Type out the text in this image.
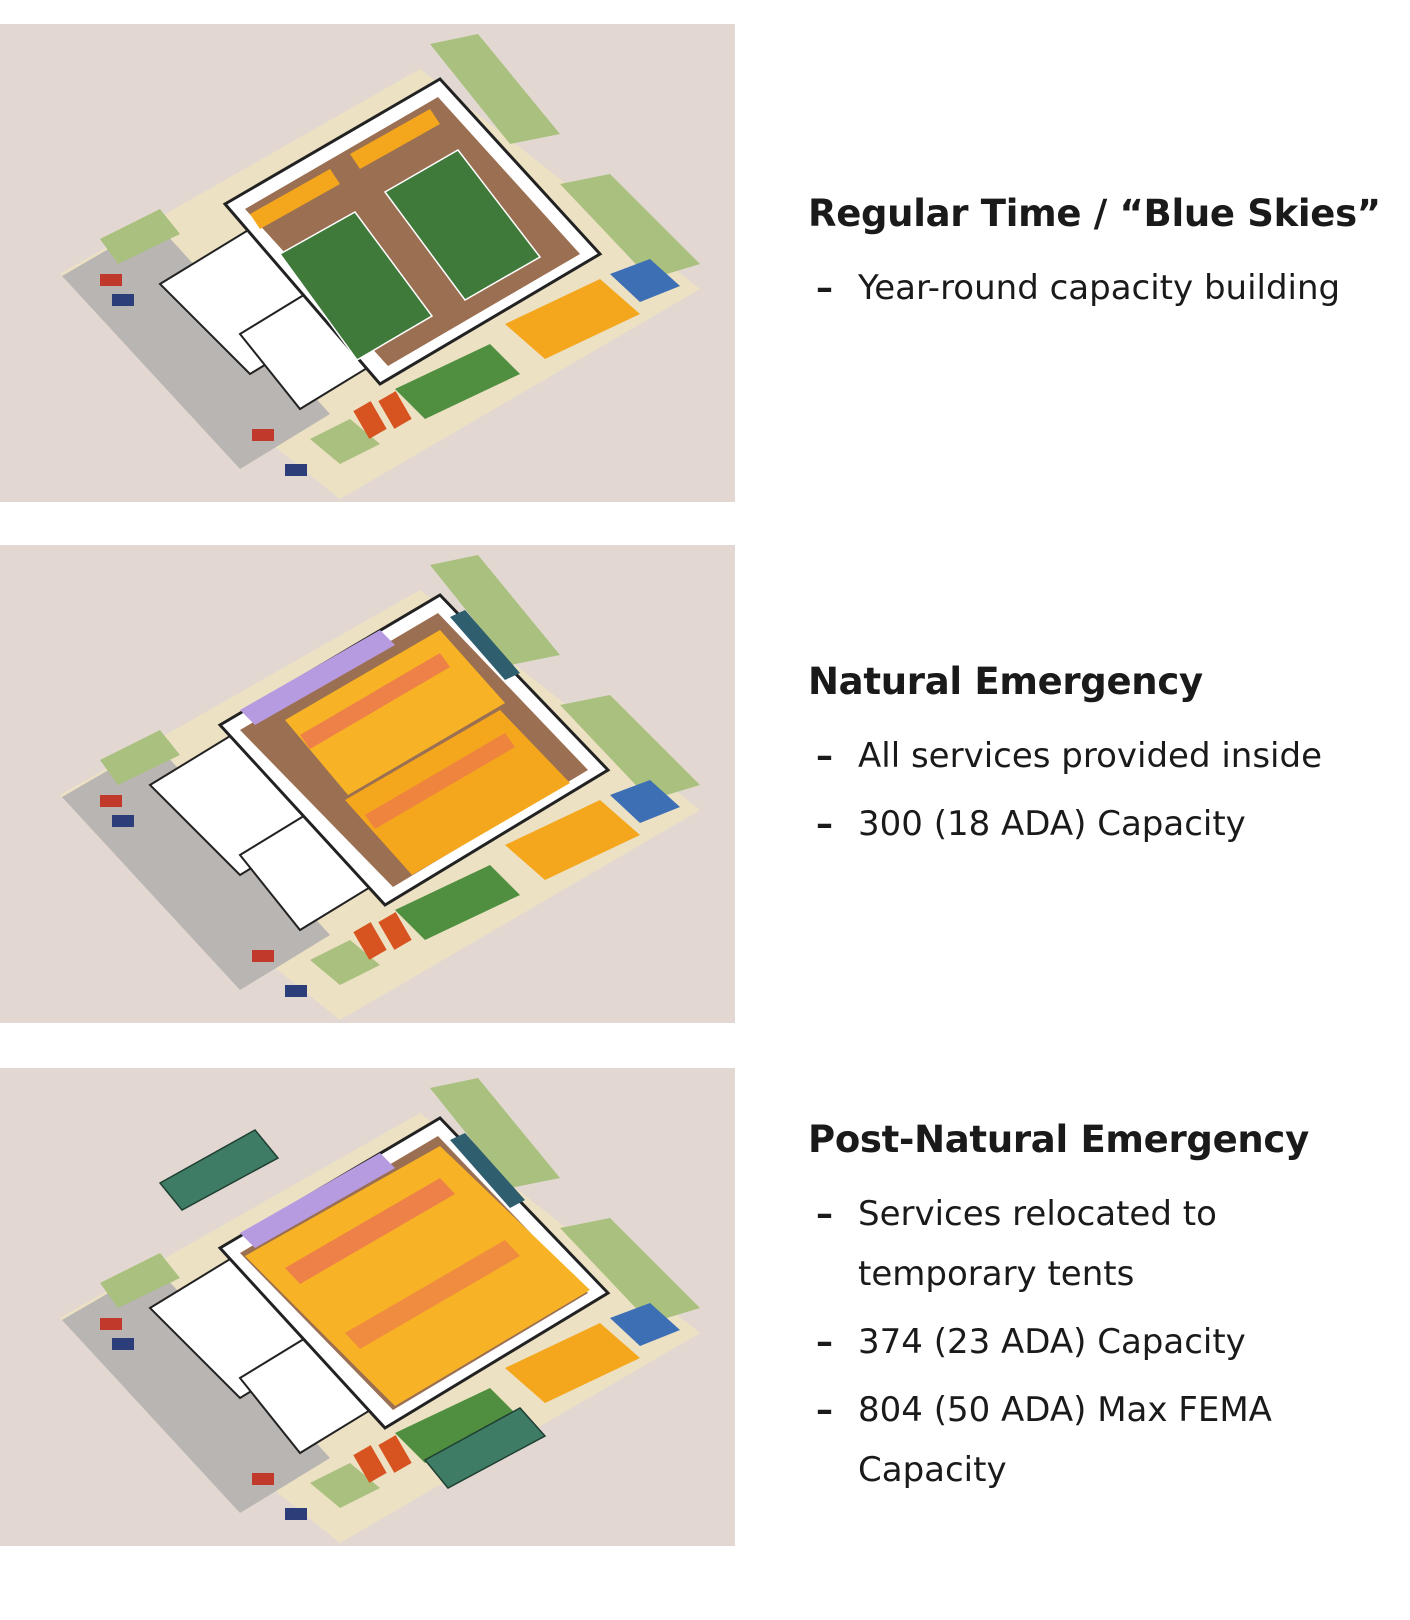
Regular Time / “Blue Skies”
– Year-round capacity building
Natural Emergency
– All services provided inside
– 300 (18 ADA) Capacity
Post-Natural Emergency
– Services relocated to temporary tents
– 374 (23 ADA) Capacity
– 804 (50 ADA) Max FEMA Capacity
